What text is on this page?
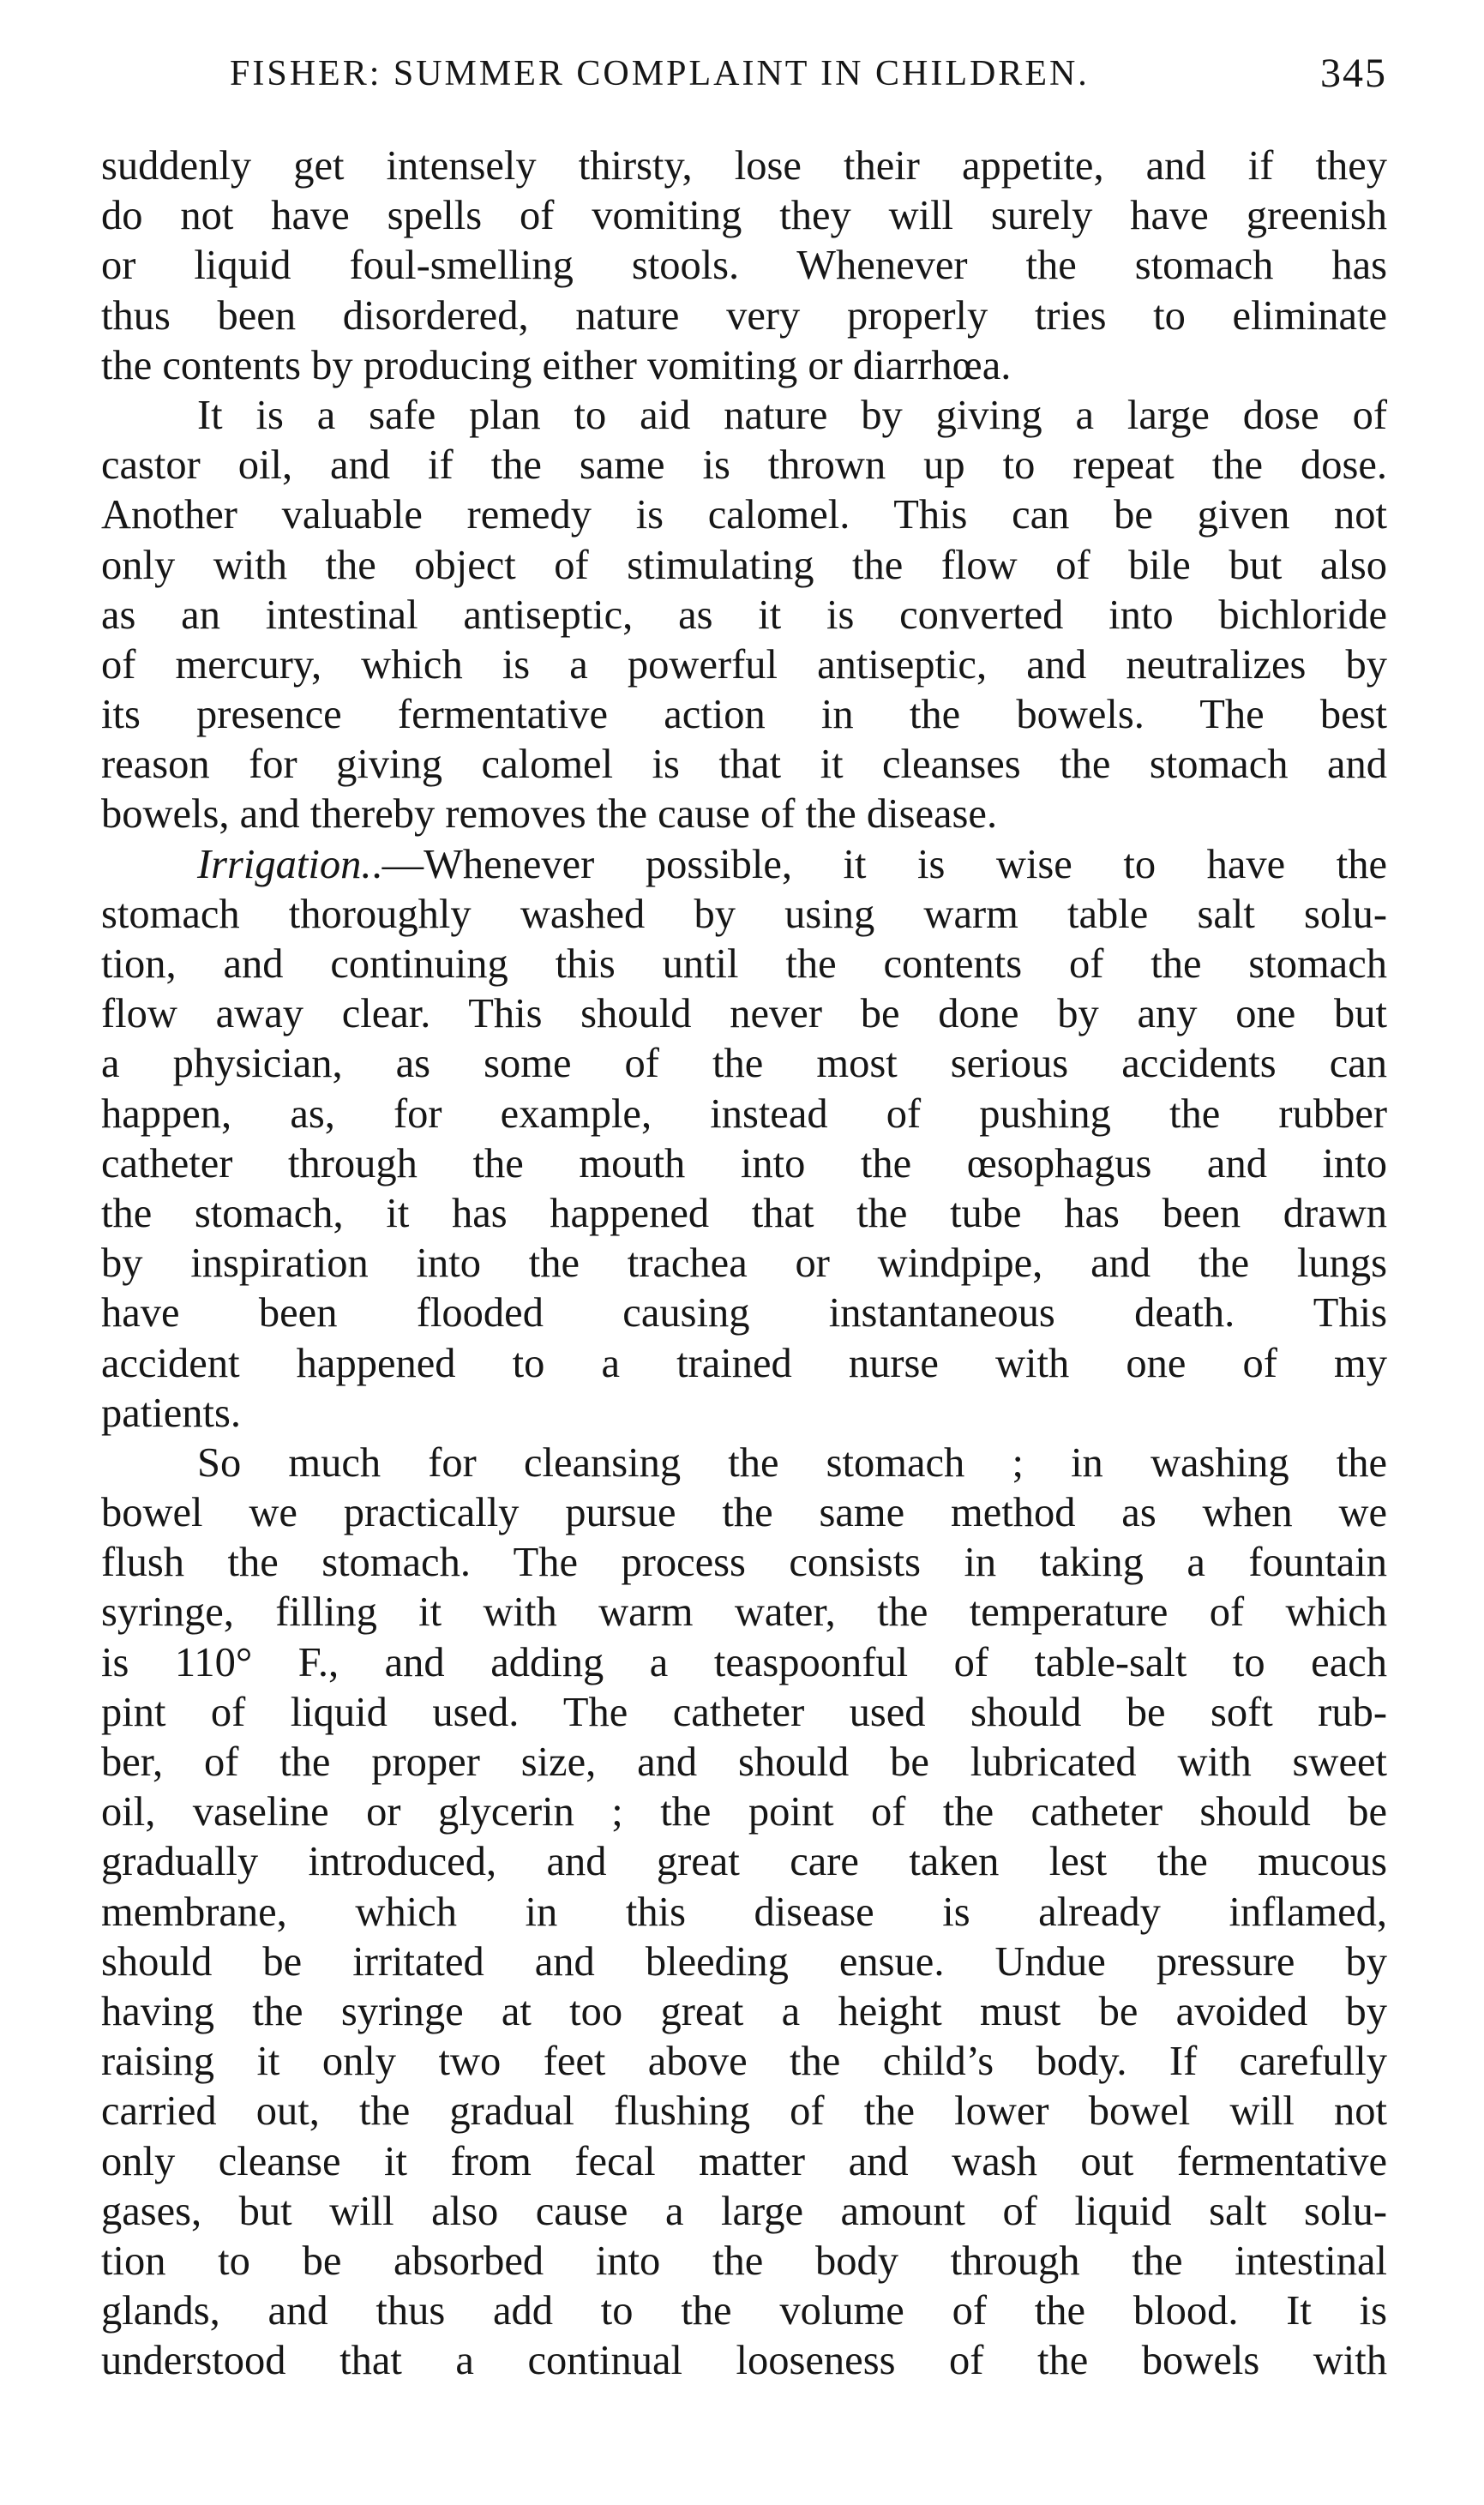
FISHER: SUMMER COMPLAINT IN CHILDREN.	345
suddenly get intensely thirsty, lose their appetite, and if they
do not have spells of vomiting they will surely have greenish
or liquid foul-smelling stools. Whenever the stomach has
thus been disordered, nature very properly tries to eliminate
the contents by producing either vomiting or diarrhœa.
It is a safe plan to aid nature by giving a large dose of
castor oil, and if the same is thrown up to repeat the dose.
Another valuable remedy is calomel. This can be given not
only with the object of stimulating the flow of bile but also
as an intestinal antiseptic, as it is converted into bichloride
of mercury, which is a powerful antiseptic, and neutralizes by
its presence fermentative action in the bowels. The best
reason for giving calomel is that it cleanses the stomach and
bowels, and thereby removes the cause of the disease.
Irrigation..—Whenever possible, it is wise to have the
stomach thoroughly washed by using warm table salt solu-
tion, and continuing this until the contents of the stomach
flow away clear. This should never be done by any one but
a physician, as some of the most serious accidents can
happen, as, for example, instead of pushing the rubber
catheter through the mouth into the œsophagus and into
the stomach, it has happened that the tube has been drawn
by inspiration into the trachea or windpipe, and the lungs
have been flooded causing instantaneous death. This
accident happened to a trained nurse with one of my
patients.
So much for cleansing the stomach ; in washing the
bowel we practically pursue the same method as when we
flush the stomach. The process consists in taking a fountain
syringe, filling it with warm water, the temperature of which
is 110° F., and adding a teaspoonful of table-salt to each
pint of liquid used. The catheter used should be soft rub-
ber, of the proper size, and should be lubricated with sweet
oil, vaseline or glycerin ; the point of the catheter should be
gradually introduced, and great care taken lest the mucous
membrane, which in this disease is already inflamed,
should be irritated and bleeding ensue. Undue pressure by
having the syringe at too great a height must be avoided by
raising it only two feet above the child’s body. If carefully
carried out, the gradual flushing of the lower bowel will not
only cleanse it from fecal matter and wash out fermentative
gases, but will also cause a large amount of liquid salt solu-
tion to be absorbed into the body through the intestinal
glands, and thus add to the volume of the blood. It is
understood that a continual looseness of the bowels with
